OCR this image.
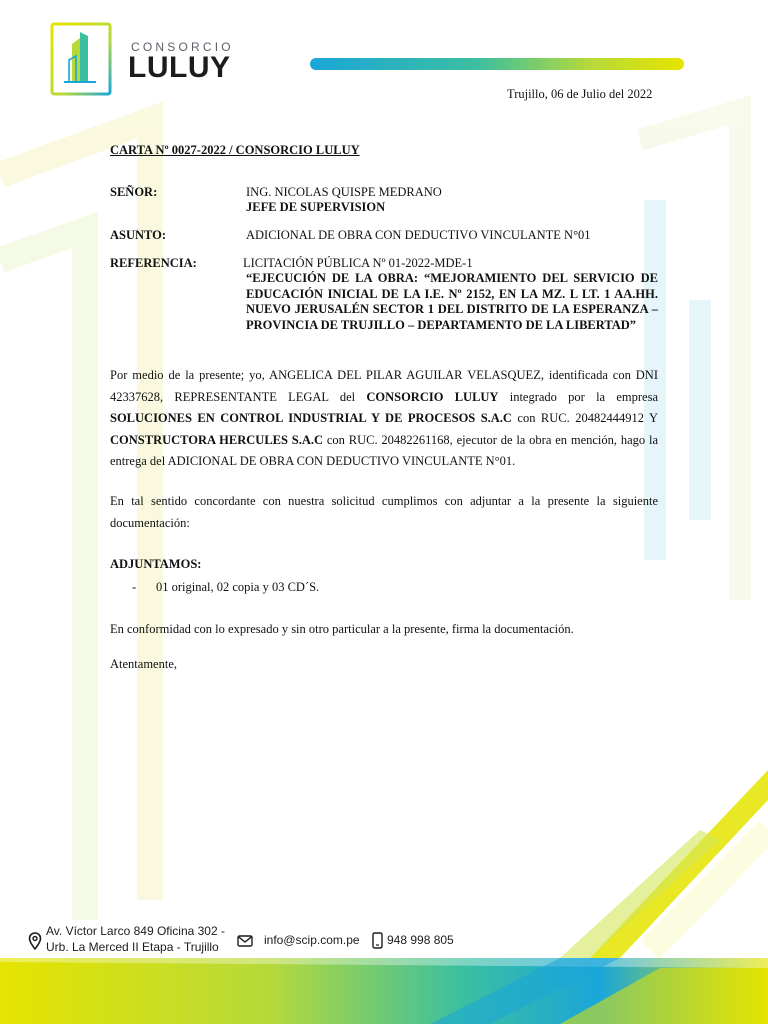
CONSORCIO
LULUY
Trujillo, 06 de Julio del 2022
CARTA Nº 0027-2022 / CONSORCIO LULUY
SEÑOR:	ING. NICOLAS QUISPE MEDRANO
JEFE DE SUPERVISION
ASUNTO:	ADICIONAL DE OBRA CON DEDUCTIVO VINCULANTE N°01
REFERENCIA:	LICITACIÓN PÚBLICA Nº 01-2022-MDE-1
“EJECUCIÓN DE LA OBRA: “MEJORAMIENTO DEL SERVICIO DE EDUCACIÓN INICIAL DE LA I.E. Nº 2152, EN LA MZ. L LT. 1 AA.HH. NUEVO JERUSALÉN SECTOR 1 DEL DISTRITO DE LA ESPERANZA – PROVINCIA DE TRUJILLO – DEPARTAMENTO DE LA LIBERTAD”
Por medio de la presente; yo, ANGELICA DEL PILAR AGUILAR VELASQUEZ, identificada con DNI 42337628, REPRESENTANTE LEGAL del CONSORCIO LULUY integrado por la empresa SOLUCIONES EN CONTROL INDUSTRIAL Y DE PROCESOS S.A.C con RUC. 20482444912 Y CONSTRUCTORA HERCULES S.A.C con RUC. 20482261168, ejecutor de la obra en mención, hago la entrega del ADICIONAL DE OBRA CON DEDUCTIVO VINCULANTE N°01.
En tal sentido concordante con nuestra solicitud cumplimos con adjuntar a la presente la siguiente documentación:
ADJUNTAMOS:
- 01 original, 02 copia y 03 CD´S.
En conformidad con lo expresado y sin otro particular a la presente, firma la documentación.
Atentamente,
Av. Víctor Larco 849 Oficina 302 -
Urb. La Merced II Etapa - Trujillo	info@scip.com.pe 948 998 805
